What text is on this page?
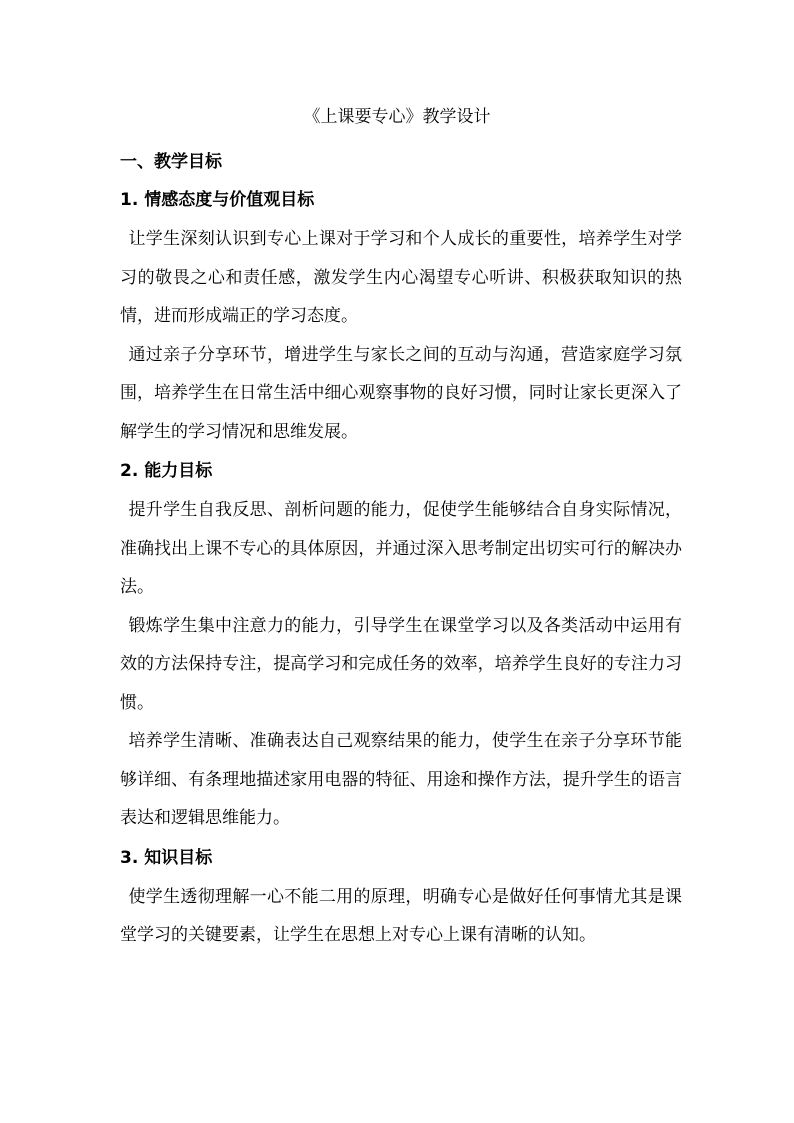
《上课要专心》教学设计
一、教学目标
1. 情感态度与价值观目标

让学生深刻认识到专心上课对于学习和个人成长的重要性，培养学生对学习的敬畏之心和责任感，激发学生内心渴望专心听讲、积极获取知识的热情，进而形成端正的学习态度。

通过亲子分享环节，增进学生与家长之间的互动与沟通，营造家庭学习氛围，培养学生在日常生活中细心观察事物的良好习惯，同时让家长更深入了解学生的学习情况和思维发展。

2. 能力目标

提升学生自我反思、剖析问题的能力，促使学生能够结合自身实际情况，准确找出上课不专心的具体原因，并通过深入思考制定出切实可行的解决办法。

锻炼学生集中注意力的能力，引导学生在课堂学习以及各类活动中运用有效的方法保持专注，提高学习和完成任务的效率，培养学生良好的专注力习惯。

培养学生清晰、准确表达自己观察结果的能力，使学生在亲子分享环节能够详细、有条理地描述家用电器的特征、用途和操作方法，提升学生的语言表达和逻辑思维能力。

3. 知识目标

使学生透彻理解一心不能二用的原理，明确专心是做好任何事情尤其是课堂学习的关键要素，让学生在思想上对专心上课有清晰的认知。
